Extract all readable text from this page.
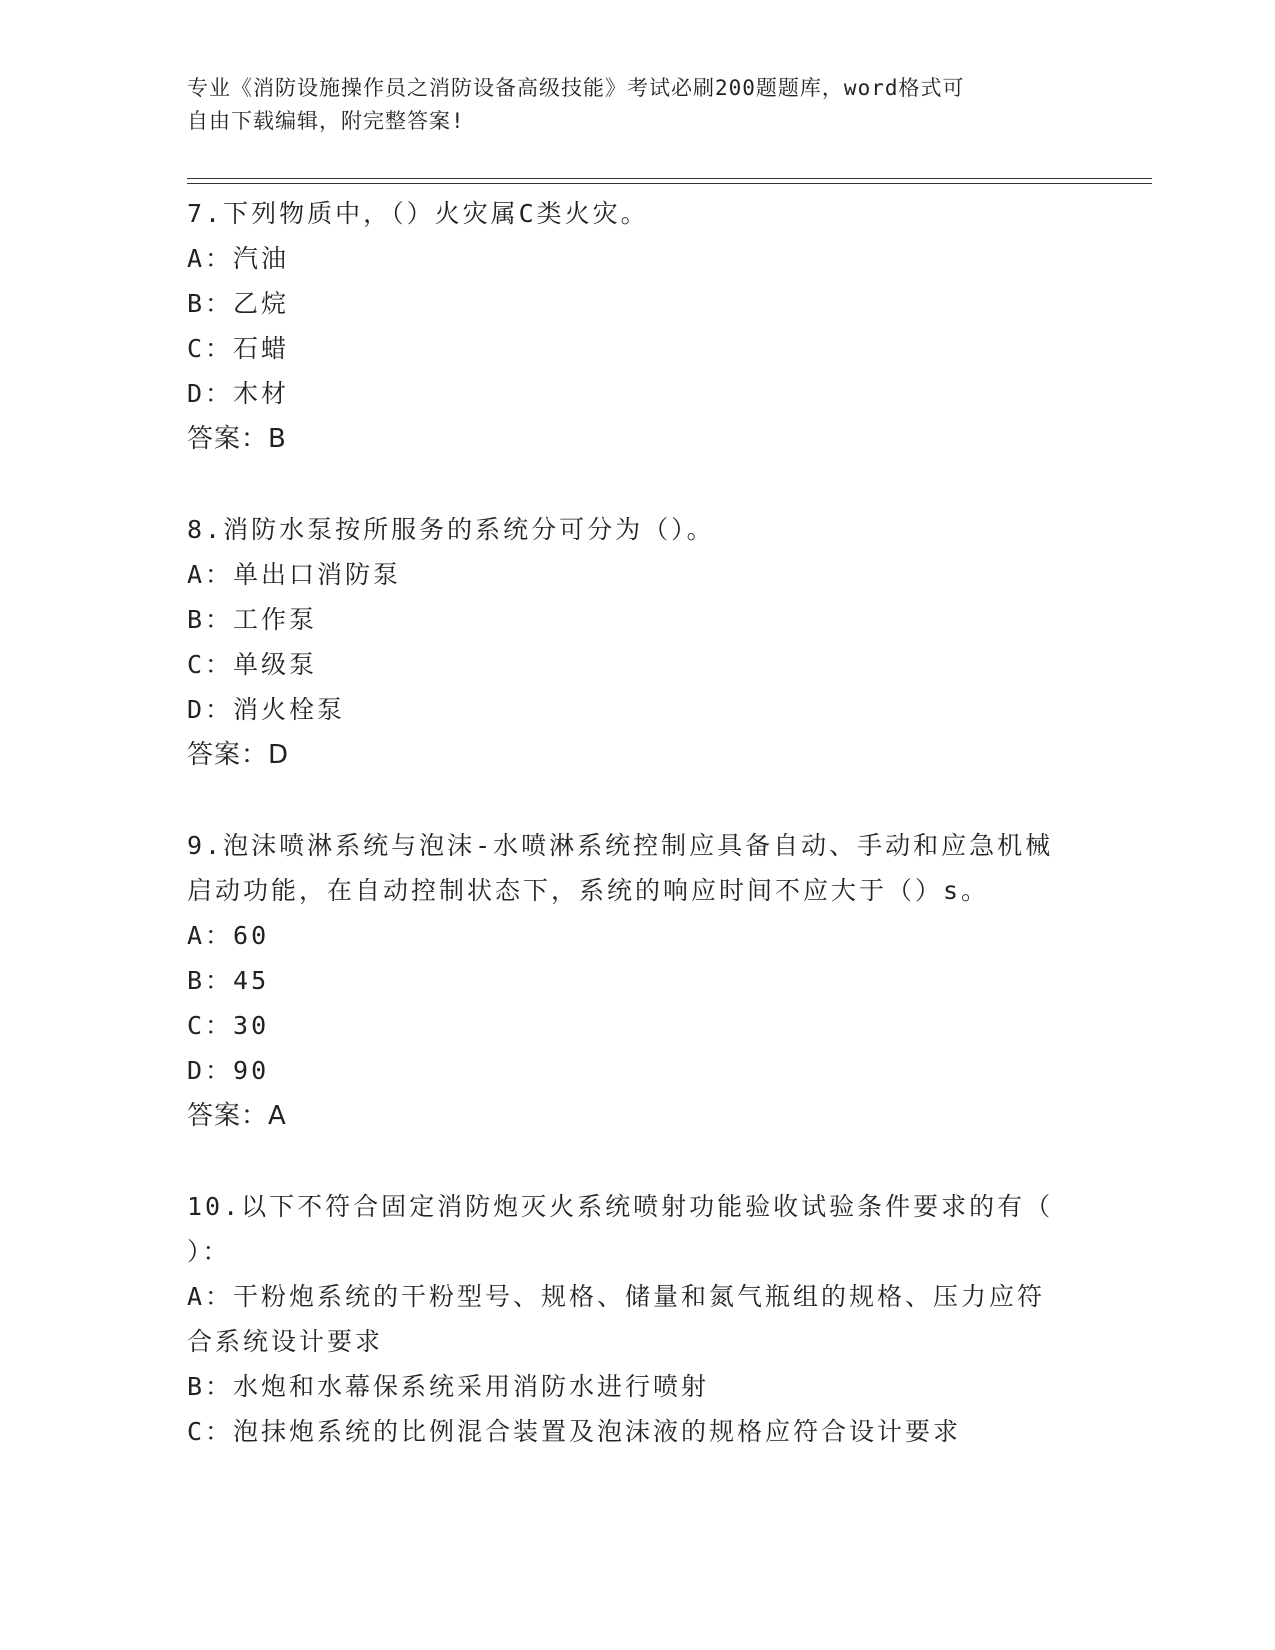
专业《消防设施操作员之消防设备高级技能》考试必刷200题题库，word格式可
自由下载编辑，附完整答案!

7.下列物质中，（）火灾属C类火灾。

A：汽油

B：乙烷

C：石蜡

D：木材

答案：B

8.消防水泵按所服务的系统分可分为（）。

A：单出口消防泵

B：工作泵

C：单级泵

D：消火栓泵

答案：D

9.泡沫喷淋系统与泡沫-水喷淋系统控制应具备自动、手动和应急机械

启动功能，在自动控制状态下，系统的响应时间不应大于（）s。

A：60

B：45

C：30

D：90

答案：A

10.以下不符合固定消防炮灭火系统喷射功能验收试验条件要求的有（

）：

A：干粉炮系统的干粉型号、规格、储量和氮气瓶组的规格、压力应符

合系统设计要求

B：水炮和水幕保系统采用消防水进行喷射

C：泡抹炮系统的比例混合装置及泡沫液的规格应符合设计要求
